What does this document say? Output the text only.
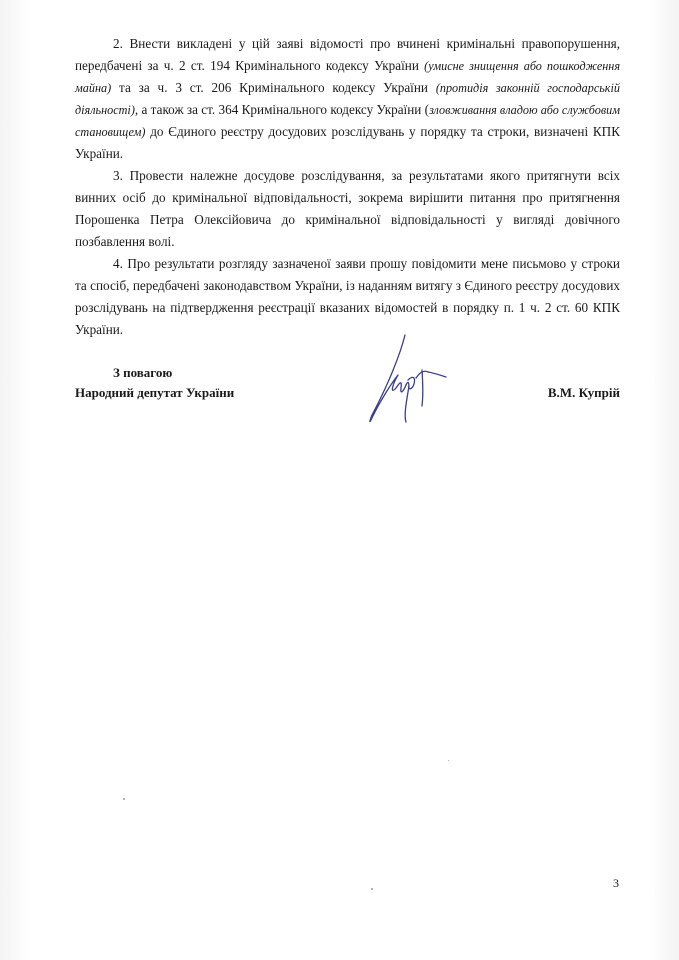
2. Внести викладені у цій заяві відомості про вчинені кримінальні правопорушення, передбачені за ч. 2 ст. 194 Кримінального кодексу України (умисне знищення або пошкодження майна) та за ч. 3 ст. 206 Кримінального кодексу України (протидія законній господарській діяльності), а також за ст. 364 Кримінального кодексу України (зловживання владою або службовим становищем) до Єдиного реєстру досудових розслідувань у порядку та строки, визначені КПК України.

3. Провести належне досудове розслідування, за результатами якого притягнути всіх винних осіб до кримінальної відповідальності, зокрема вирішити питання про притягнення Порошенка Петра Олексійовича до кримінальної відповідальності у вигляді довічного позбавлення волі.

4. Про результати розгляду зазначеної заяви прошу повідомити мене письмово у строки та спосіб, передбачені законодавством України, із наданням витягу з Єдиного реєстру досудових розслідувань на підтвердження реєстрації вказаних відомостей в порядку п. 1 ч. 2 ст. 60 КПК України.

З повагою
Народний депутат України	В.М. Купрій
3
